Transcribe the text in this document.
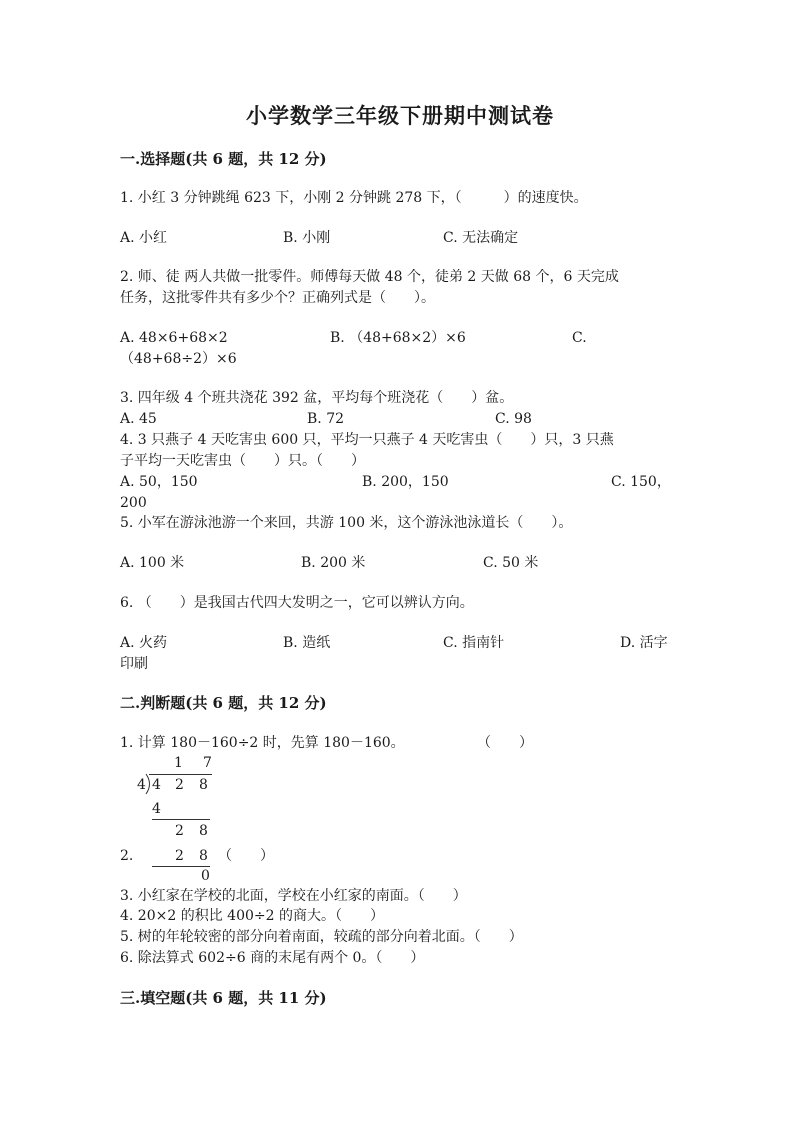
小学数学三年级下册期中测试卷
一.选择题(共 6 题，共 12 分)
1. 小红 3 分钟跳绳 623 下，小刚 2 分钟跳 278 下，（　　　）的速度快。
A. 小红	B. 小刚	C. 无法确定
2. 师、徒 两人共做一批零件。师傅每天做 48 个，徒弟 2 天做 68 个，6 天完成
任务，这批零件共有多少个？正确列式是（　　）。
A. 48×6+68×2	B. （48+68×2）×6	C.
（48+68÷2）×6
3. 四年级 4 个班共浇花 392 盆，平均每个班浇花（　　）盆。
A. 45	B. 72	C. 98
4. 3 只燕子 4 天吃害虫 600 只，平均一只燕子 4 天吃害虫（　　）只，3 只燕
子平均一天吃害虫（　　）只。（　　）
A. 50，150	B. 200，150	C. 150，
200
5. 小军在游泳池游一个来回，共游 100 米，这个游泳池泳道长（　　）。
A. 100 米	B. 200 米	C. 50 米
6. （　　）是我国古代四大发明之一，它可以辨认方向。
A. 火药	B. 造纸	C. 指南针	D. 活字
印刷
二.判断题(共 6 题，共 12 分)
1. 计算 180－160÷2 时，先算 180－160。	（　　）
1 7
4 4 2 8
4
2 8
2 8
0
2.	（　　）
3. 小红家在学校的北面，学校在小红家的南面。（　　）
4. 20×2 的积比 400÷2 的商大。（　　）
5. 树的年轮较密的部分向着南面，较疏的部分向着北面。（　　）
6. 除法算式 602÷6 商的末尾有两个 0。（　　）
三.填空题(共 6 题，共 11 分)
